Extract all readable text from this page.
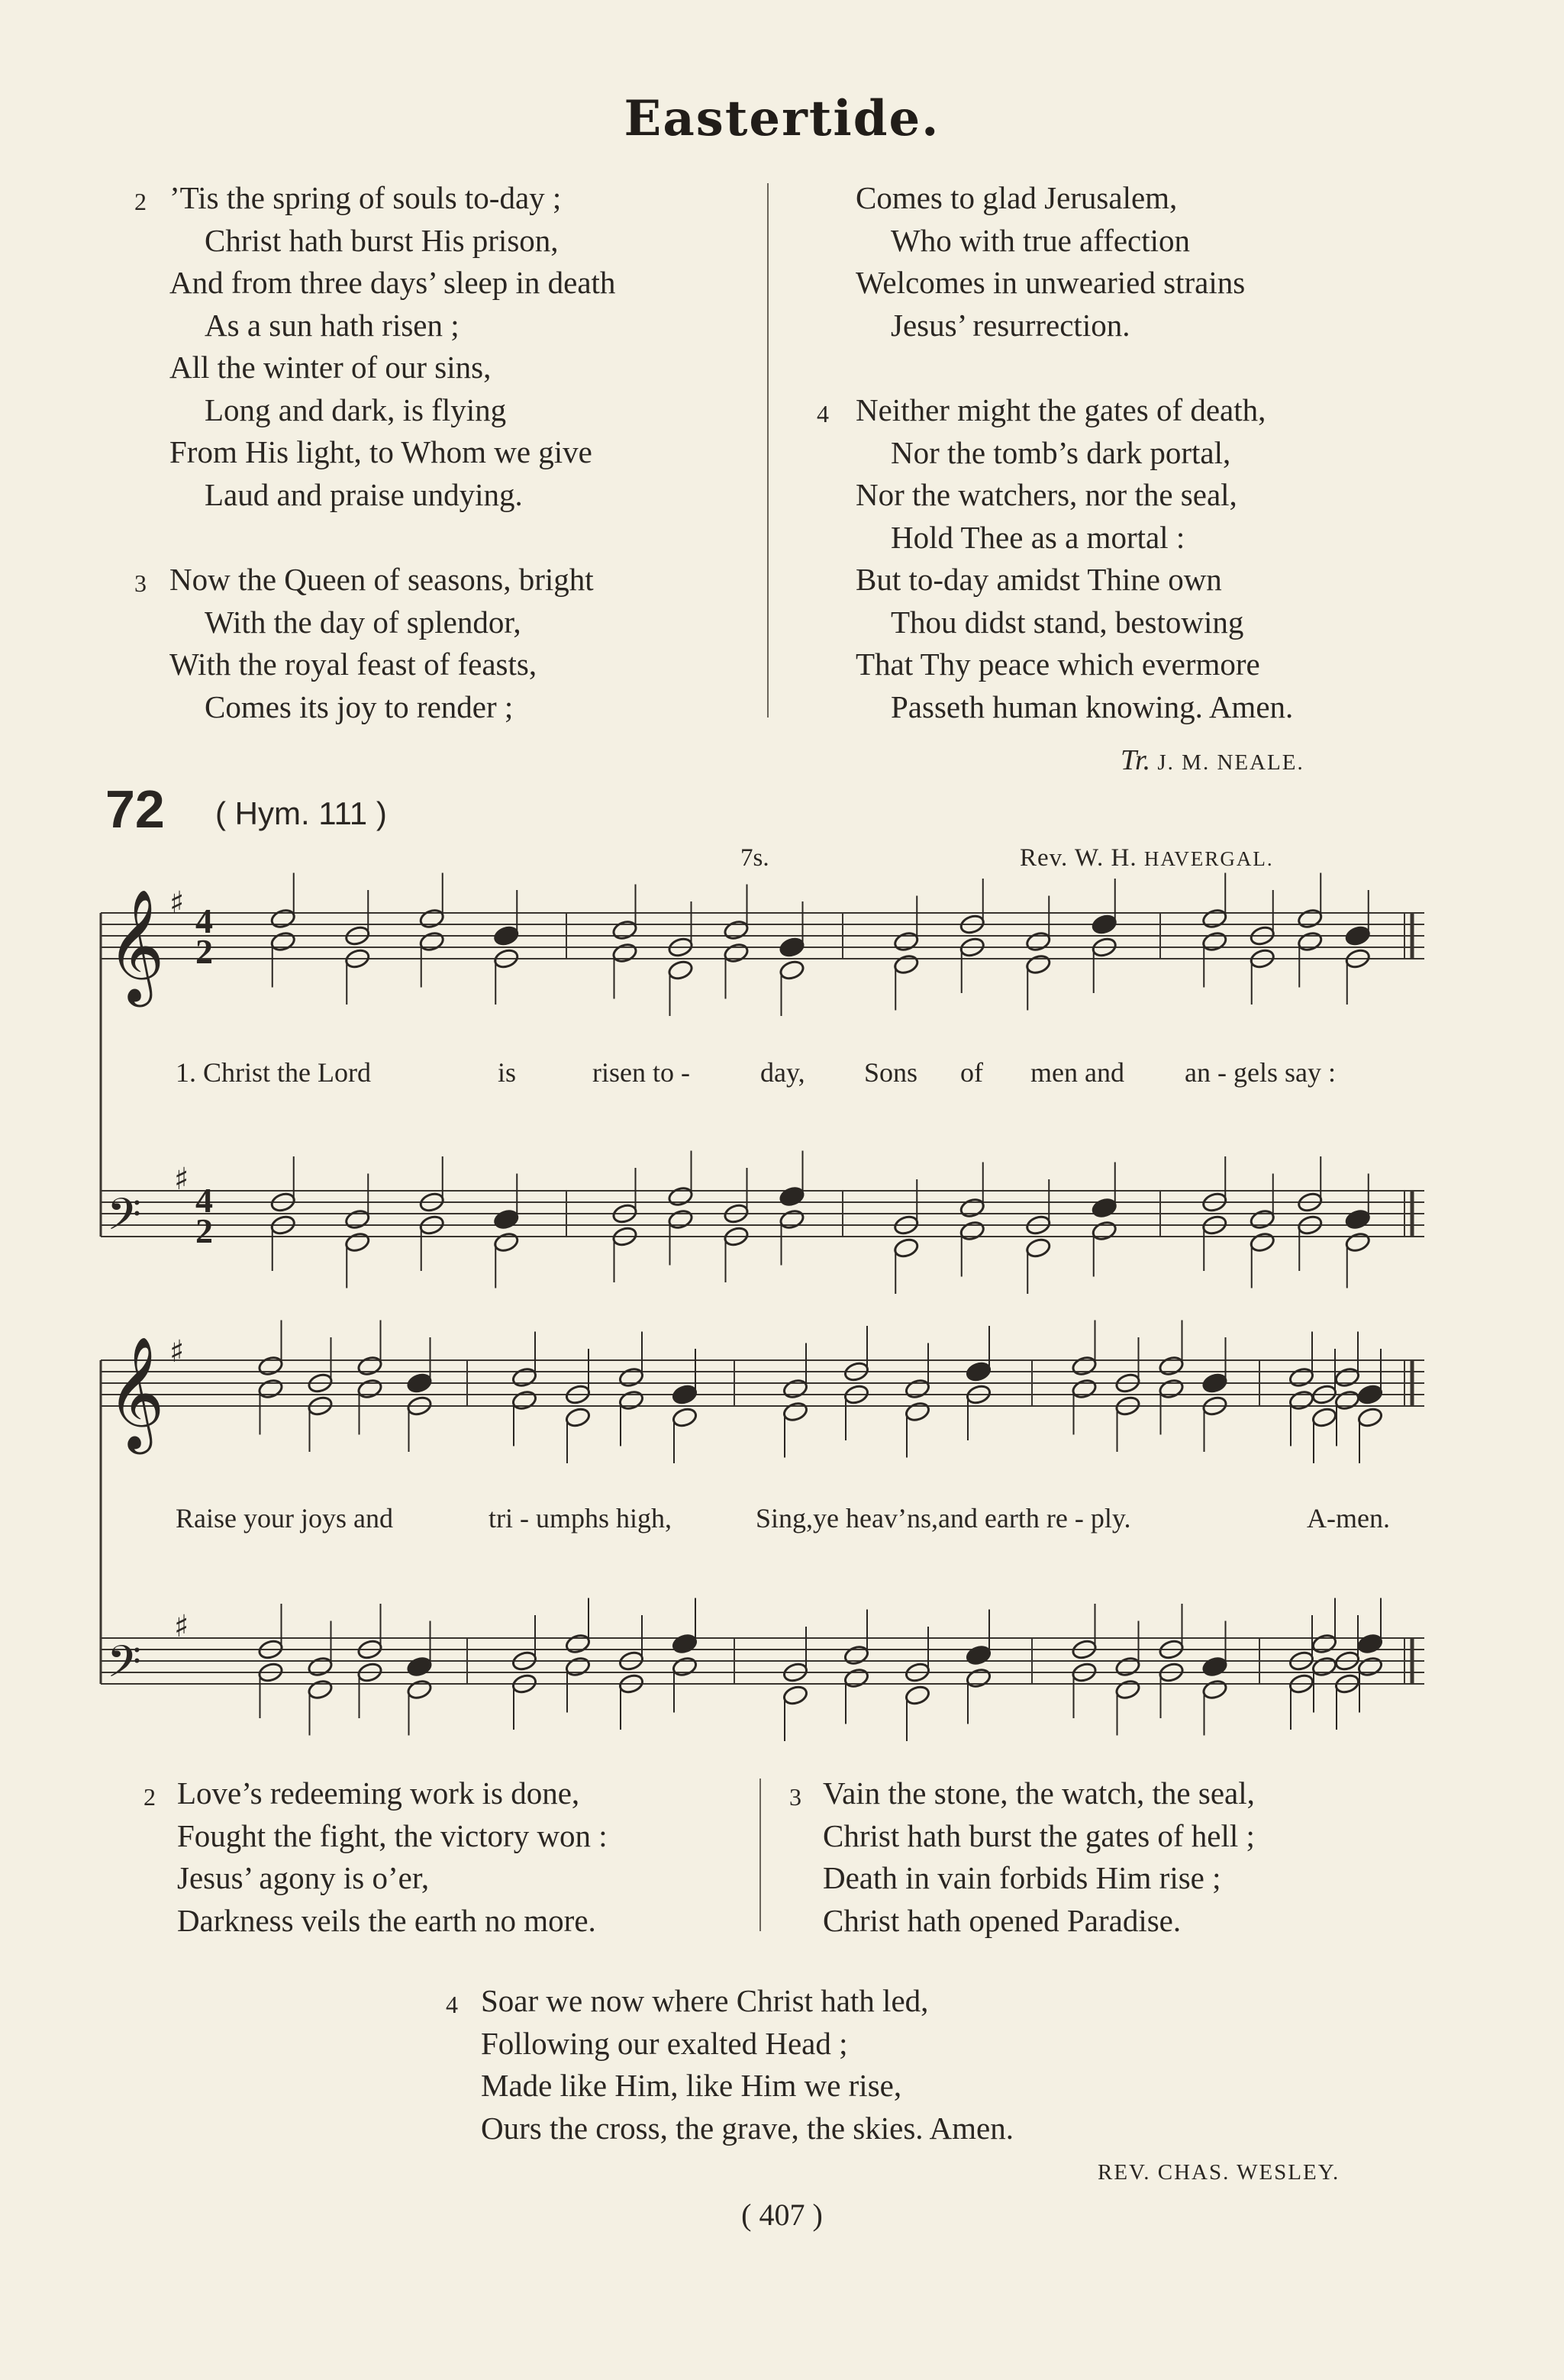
Eastertide.
2 ’Tis the spring of souls to-day ;
Christ hath burst His prison,
And from three days’ sleep in death
As a sun hath risen ;
All the winter of our sins,
Long and dark, is flying
From His light, to Whom we give
Laud and praise undying.
3 Now the Queen of seasons, bright
With the day of splendor,
With the royal feast of feasts,
Comes its joy to render ;
Comes to glad Jerusalem,
Who with true affection
Welcomes in unwearied strains
Jesus’ resurrection.
4 Neither might the gates of death,
Nor the tomb’s dark portal,
Nor the watchers, nor the seal,
Hold Thee as a mortal :
But to-day amidst Thine own
Thou didst stand, bestowing
That Thy peace which evermore
Passeth human knowing. Amen.
Tr. J. M. NEALE.
72 ( Hym. 111 )
7s.	Rev. W. H. HAVERGAL.
𝄞
𝄢
𝄞
𝄢
♯
♯
♯
♯
4
2
4
2
1. Christ the Lord	is	risen to -	day, Sons of men and an - gels say :
Raise your joys and	tri - umphs high,	Sing,ye heav’ns,and earth re - ply.	A-men.
2 Love’s redeeming work is done,
Fought the fight, the victory won :
Jesus’ agony is o’er,
Darkness veils the earth no more.
3 Vain the stone, the watch, the seal,
Christ hath burst the gates of hell ;
Death in vain forbids Him rise ;
Christ hath opened Paradise.
4 Soar we now where Christ hath led,
Following our exalted Head ;
Made like Him, like Him we rise,
Ours the cross, the grave, the skies. Amen.
REV. CHAS. WESLEY.
( 407 )
